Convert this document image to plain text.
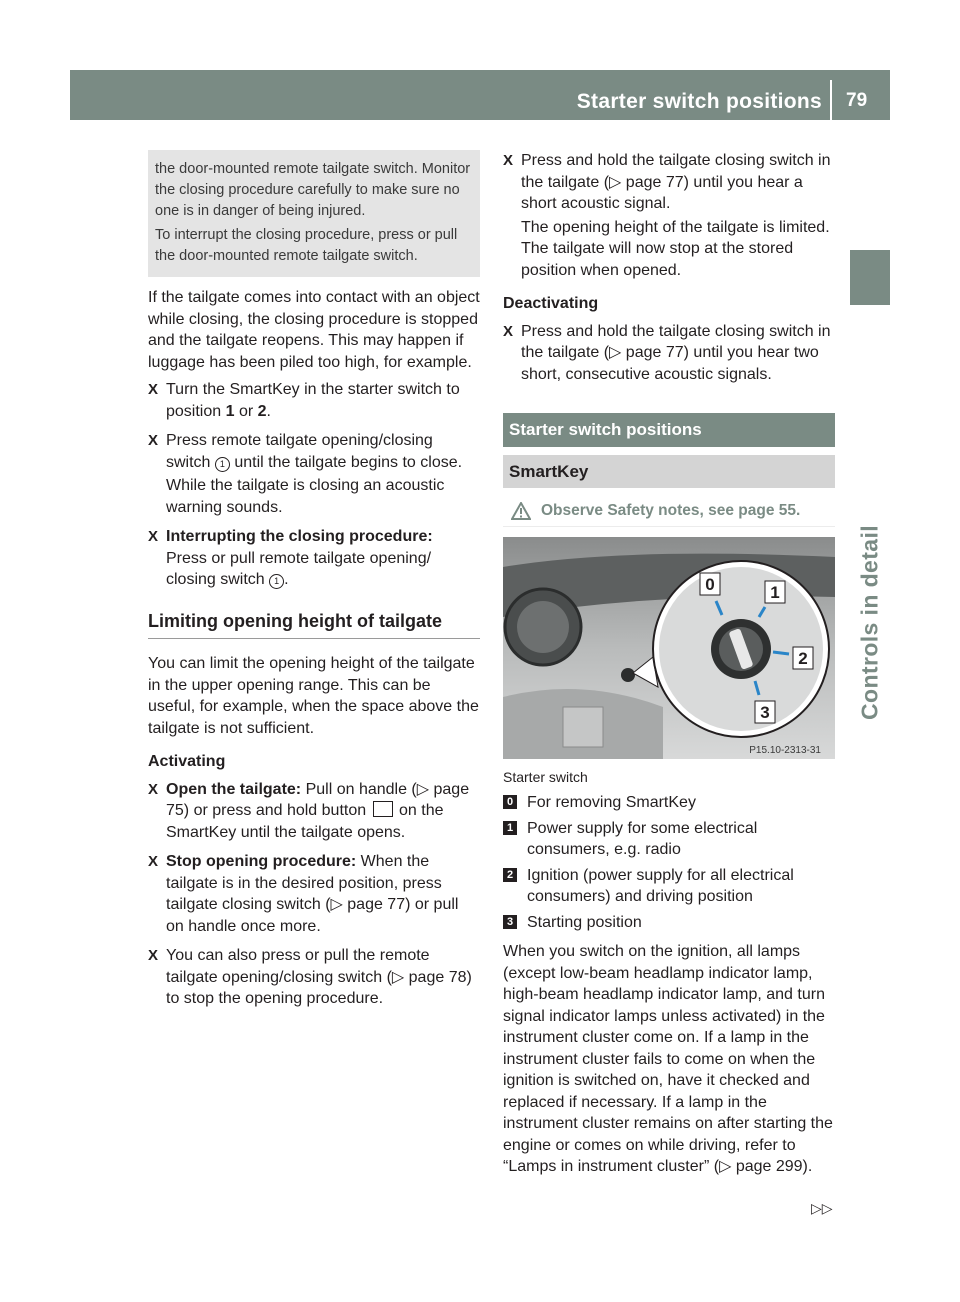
Starter switch positions 79
Controls in detail

the door-mounted remote tailgate switch. Monitor the closing procedure carefully to make sure no one is in danger of being injured.

To interrupt the closing procedure, press or pull the door-mounted remote tailgate switch.

If the tailgate comes into contact with an object while closing, the closing procedure is stopped and the tailgate reopens. This may happen if luggage has been piled too high, for example.

X Turn the SmartKey in the starter switch to position 1 or 2.
X Press remote tailgate opening/closing switch 1 until the tailgate begins to close.

While the tailgate is closing an acoustic warning sounds.

X Interrupting the closing procedure:
Press or pull remote tailgate opening/ closing switch 1 .
Limiting opening height of tailgate

You can limit the opening height of the tailgate in the upper opening range. This can be useful, for example, when the space above the tailgate is not sufficient.

Activating
X Open the tailgate: Pull on handle (▷ page 75) or press and hold button  on the SmartKey until the tailgate opens.
X Stop opening procedure: When the tailgate is in the desired position, press tailgate closing switch (▷ page 77) or pull on handle once more.
X You can also press or pull the remote tailgate opening/closing switch (▷ page 78) to stop the opening procedure.
X Press and hold the tailgate closing switch in the tailgate (▷ page 77) until you hear a short acoustic signal.

The opening height of the tailgate is limited. The tailgate will now stop at the stored position when opened.

Deactivating
X Press and hold the tailgate closing switch in the tailgate (▷ page 77) until you hear two short, consecutive acoustic signals.
Starter switch positions
SmartKey
Observe Safety notes, see page 55.
0	1
2
3
P15.10-2313-31
Starter switch
0 For removing SmartKey
1 Power supply for some electrical consumers, e.g. radio
2 Ignition (power supply for all electrical consumers) and driving position
3 Starting position

When you switch on the ignition, all lamps (except low-beam headlamp indicator lamp, high-beam headlamp indicator lamp, and turn signal indicator lamps unless activated) in the instrument cluster come on. If a lamp in the instrument cluster fails to come on when the ignition is switched on, have it checked and replaced if necessary. If a lamp in the instrument cluster remains on after starting the engine or comes on while driving, refer to “Lamps in instrument cluster” (▷ page 299).

▷▷
